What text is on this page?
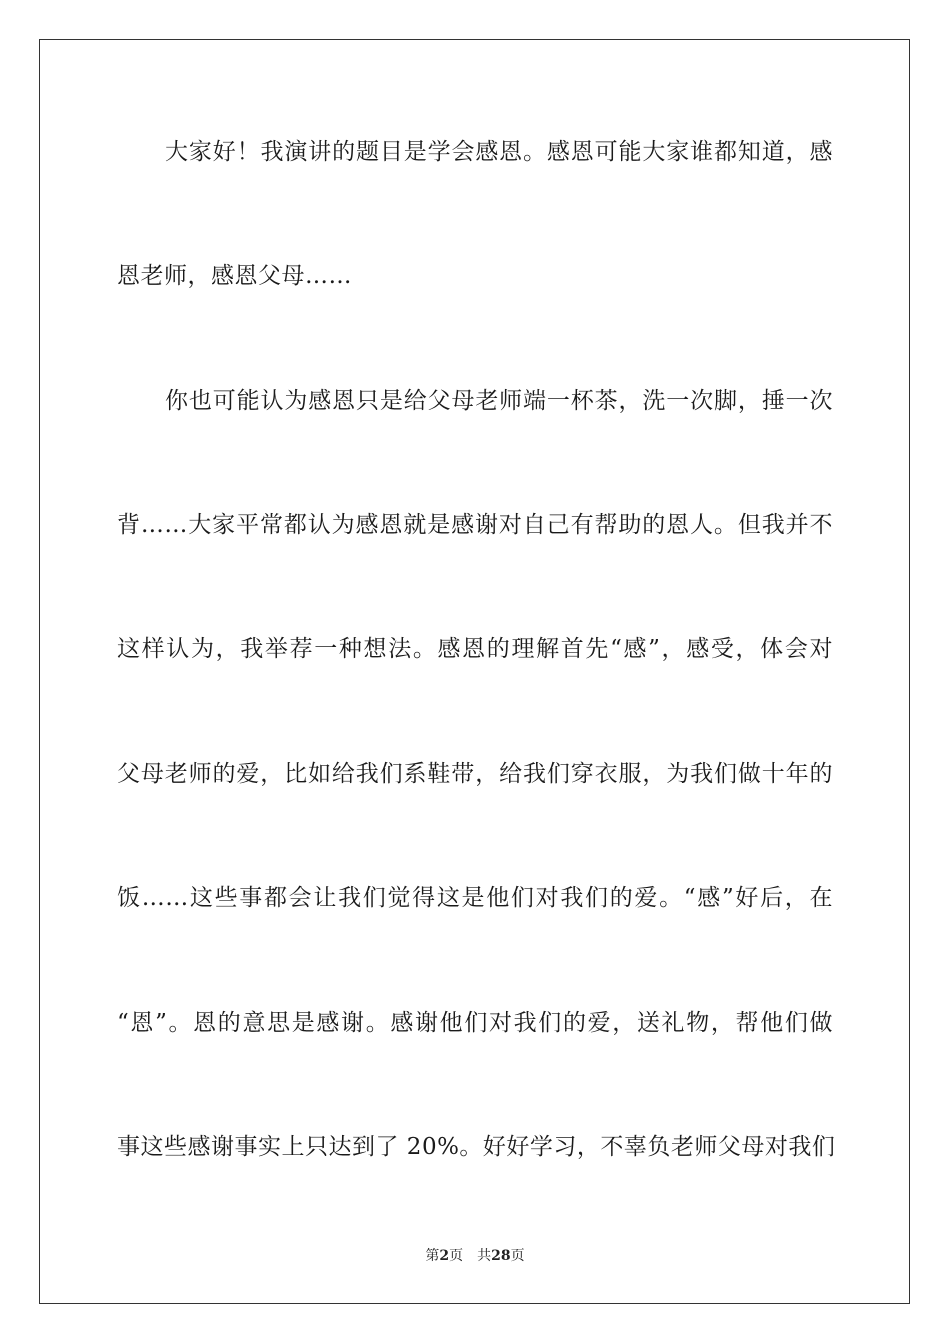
大家好！我演讲的题目是学会感恩。感恩可能大家谁都知道，感
恩老师，感恩父母……
你也可能认为感恩只是给父母老师端一杯茶，洗一次脚，捶一次
背……大家平常都认为感恩就是感谢对自己有帮助的恩人。但我并不
这样认为，我举荐一种想法。感恩的理解首先“感”，感受，体会对
父母老师的爱，比如给我们系鞋带，给我们穿衣服，为我们做十年的
饭……这些事都会让我们觉得这是他们对我们的爱。“感”好后，在
“恩”。恩的意思是感谢。感谢他们对我们的爱，送礼物，帮他们做
事这些感谢事实上只达到了 20%。好好学习，不辜负老师父母对我们
第2页 共28页
